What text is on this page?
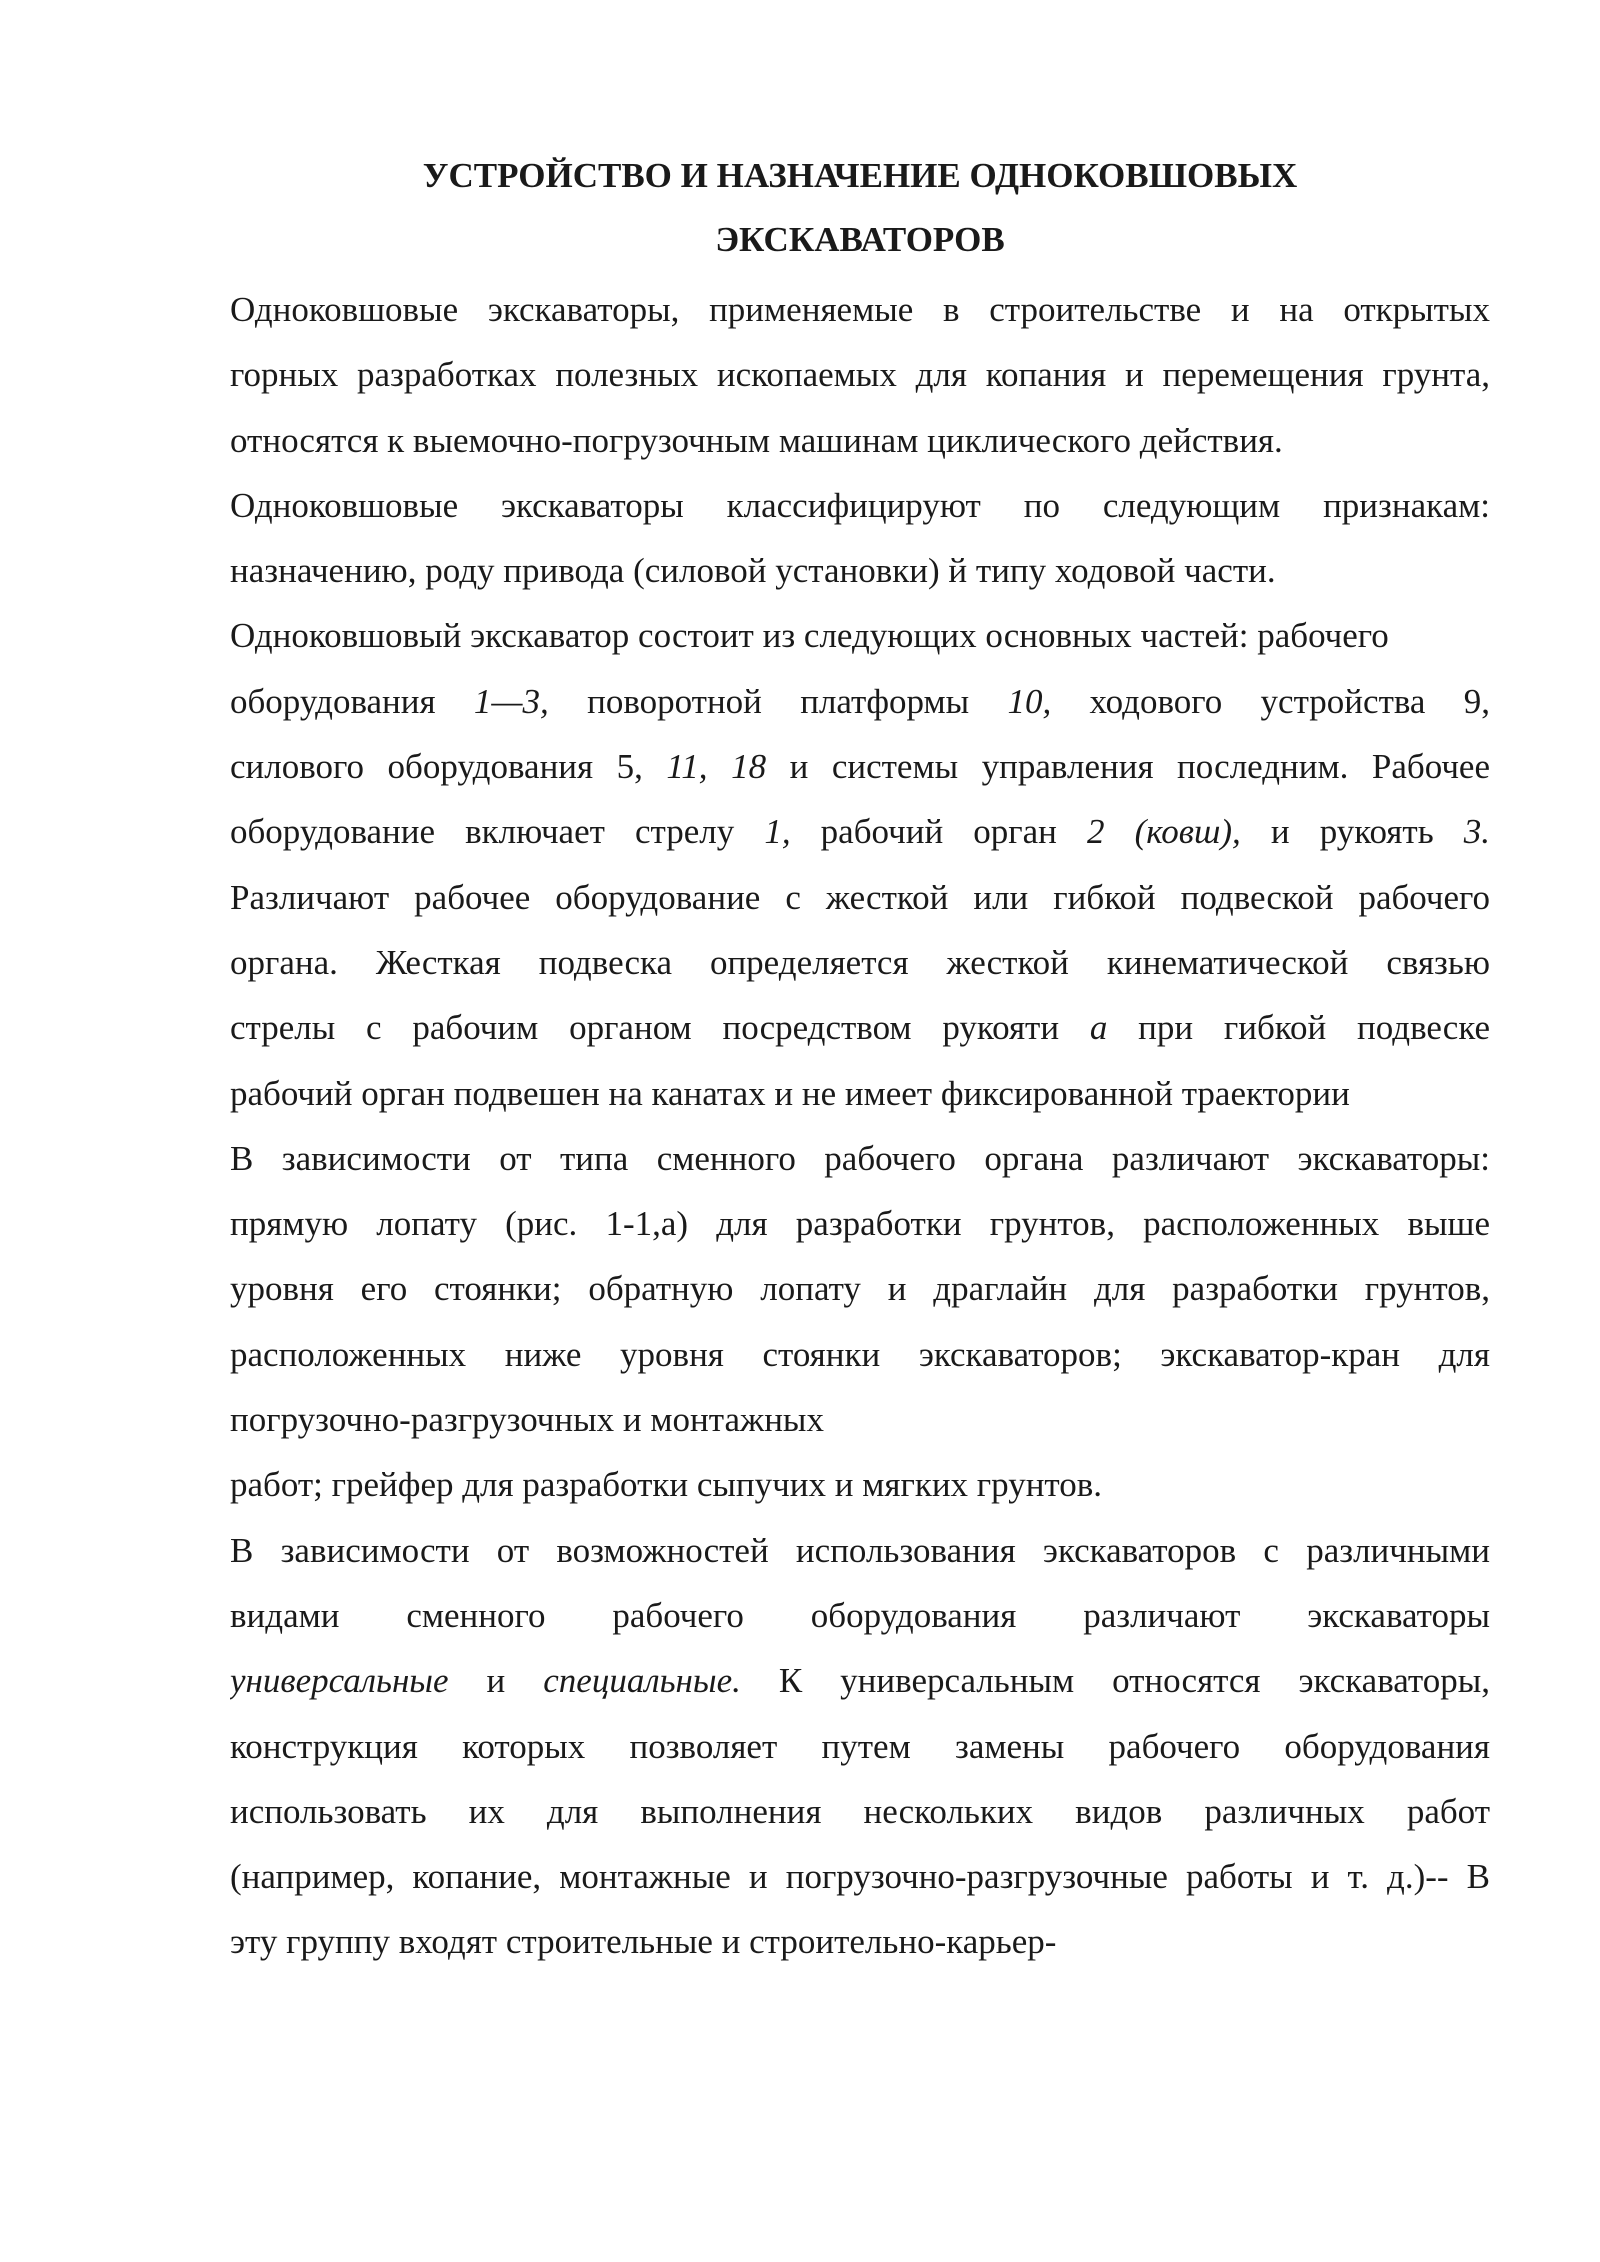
УСТРОЙСТВО И НАЗНАЧЕНИЕ ОДНОКОВШОВЫХ
ЭКСКАВАТОРОВ
Одноковшовые экскаваторы, применяемые в строительстве и на открытых
горных разработках полезных ископаемых для копания и перемещения грунта,
относятся к выемочно-погрузочным машинам циклического действия.
Одноковшовые экскаваторы классифицируют по следующим признакам:
назначению, роду привода (силовой установки) й типу ходовой части.
Одноковшовый экскаватор состоит из следующих основных частей: рабочего
оборудования 1—3, поворотной платформы 10, ходового устройства 9,
силового оборудования 5, 11, 18 и системы управления последним. Рабочее
оборудование включает стрелу 1, рабочий орган 2 (ковш), и рукоять 3.
Различают рабочее оборудование с жесткой или гибкой подвеской рабочего
органа. Жесткая подвеска определяется жесткой кинематической связью
стрелы с рабочим органом посредством рукояти а при гибкой подвеске
рабочий орган подвешен на канатах и не имеет фиксированной траектории
В зависимости от типа сменного рабочего органа различают экскаваторы:
прямую лопату (рис. 1-1,а) для разработки грунтов, расположенных выше
уровня его стоянки; обратную лопату и драглайн для разработки грунтов,
расположенных ниже уровня стоянки экскаваторов; экскаватор-кран для
погрузочно-разгрузочных и монтажных
работ; грейфер для разработки сыпучих и мягких грунтов.
В зависимости от возможностей использования экскаваторов с различными
видами сменного рабочего оборудования различают экскаваторы
универсальные и специальные. К универсальным относятся экскаваторы,
конструкция которых позволяет путем замены рабочего оборудования
использовать их для выполнения нескольких видов различных работ
(например, копание, монтажные и погрузочно-разгрузочные работы и т. д.)-- В
эту группу входят строительные и строительно-карьер-
